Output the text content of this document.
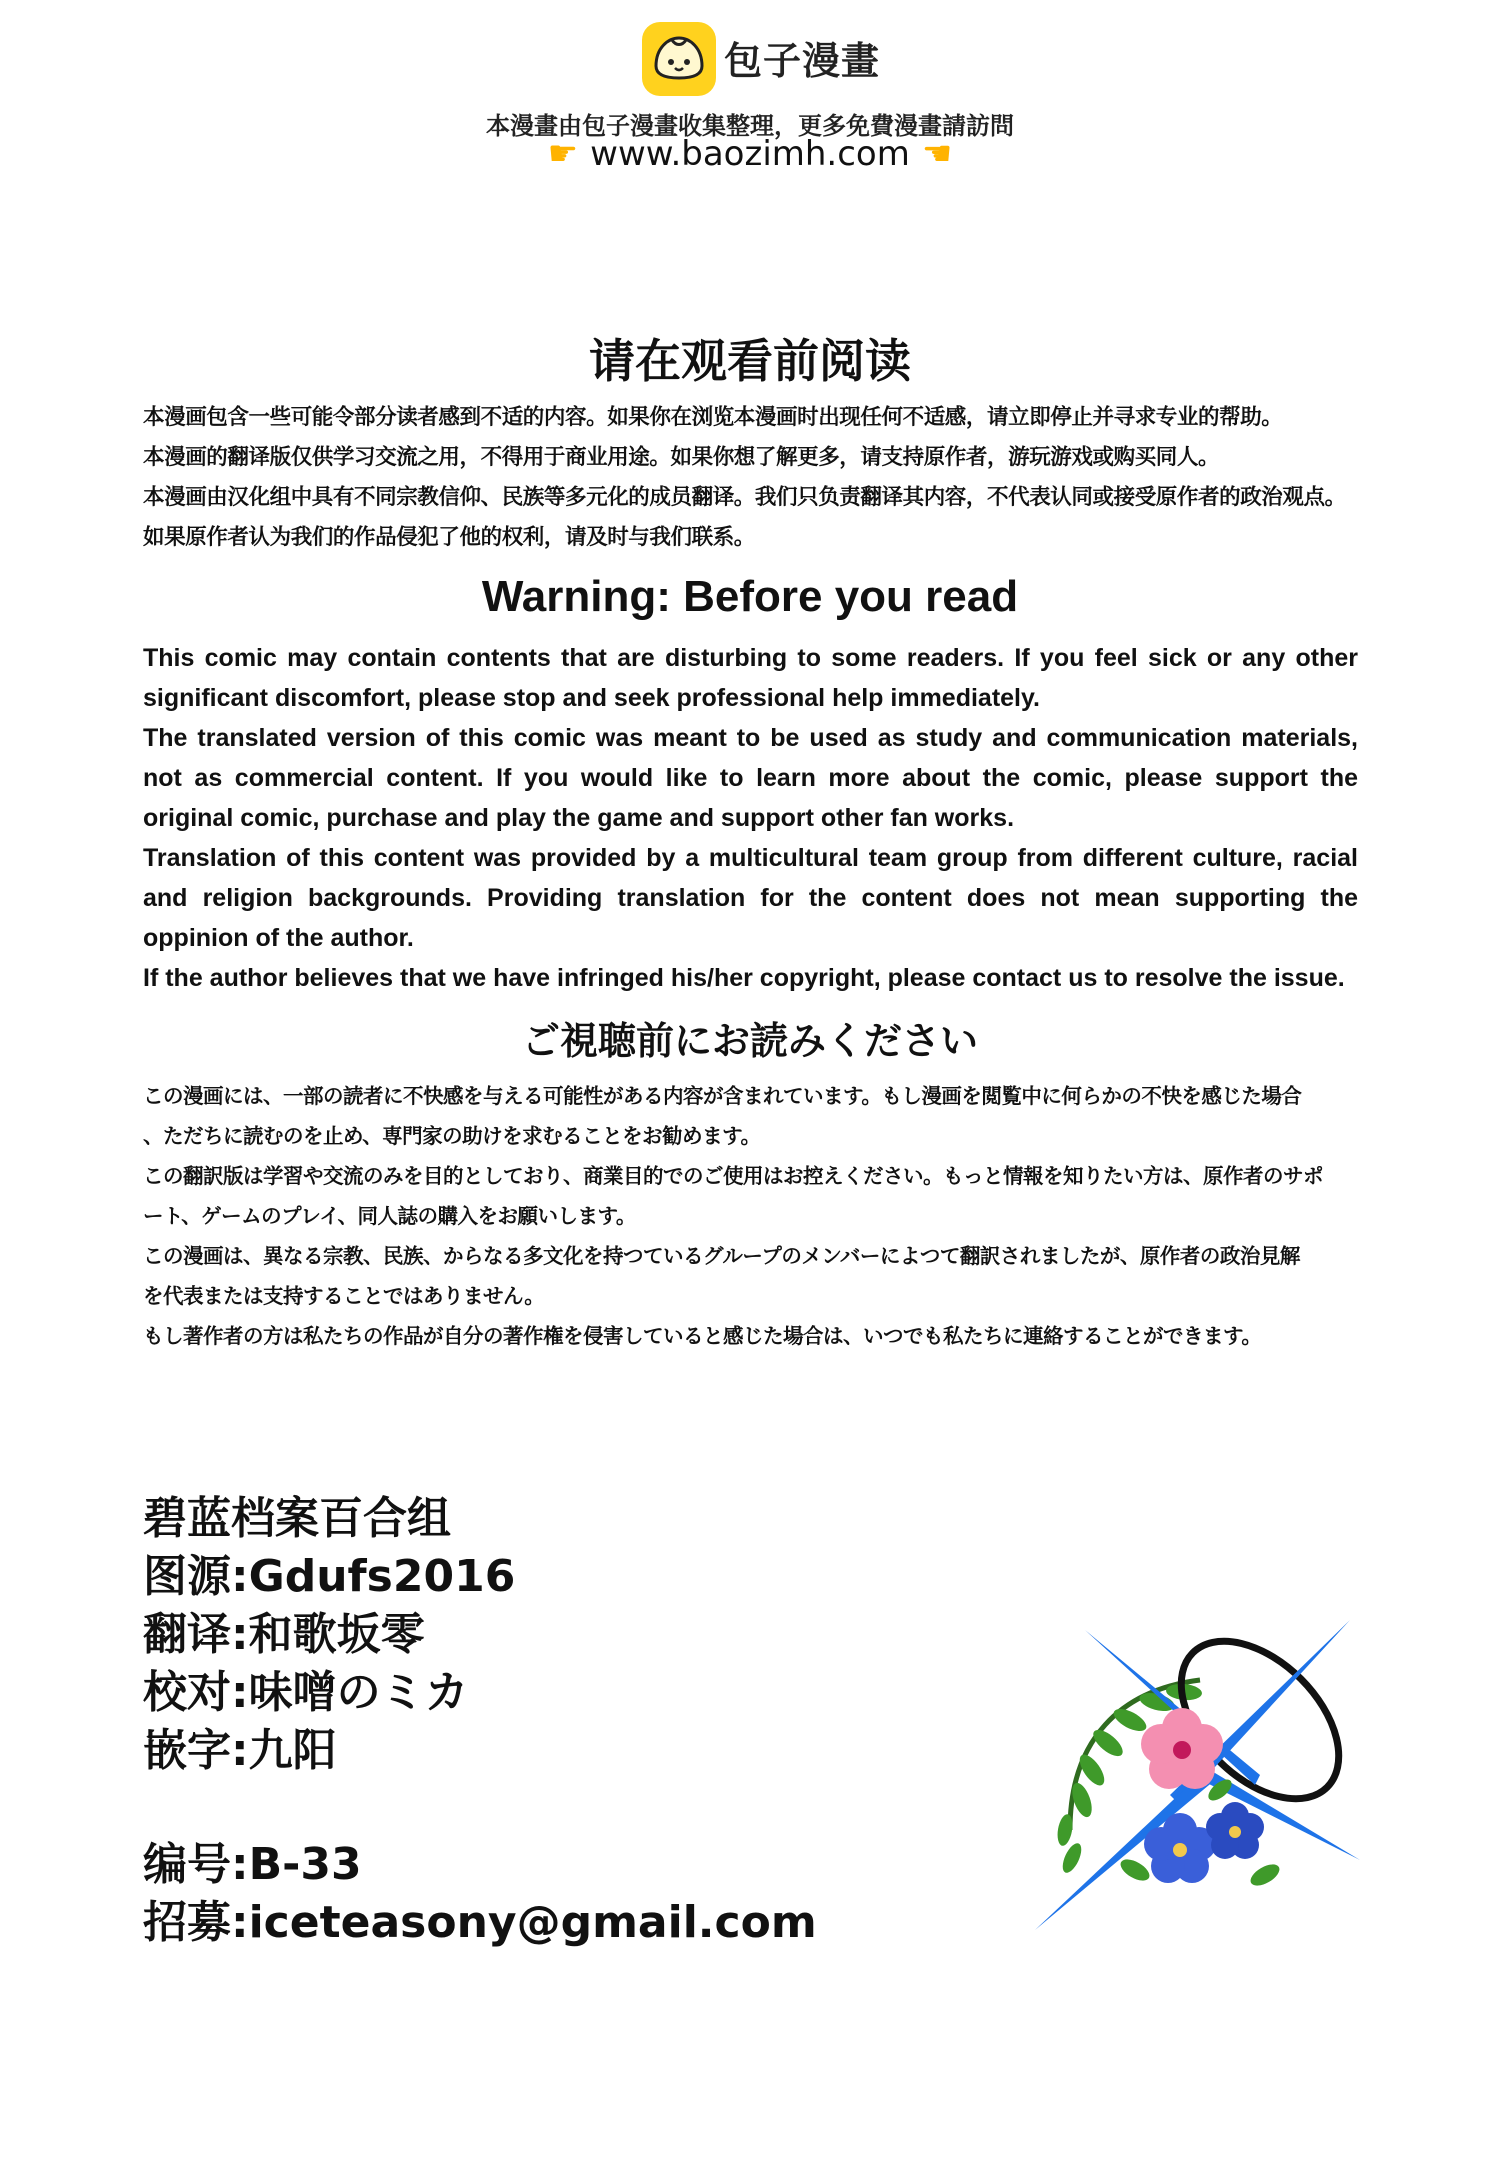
包子漫畫
本漫畫由包子漫畫收集整理，更多免費漫畫請訪問
☛ www.baozimh.com ☚
请在观看前阅读
本漫画包含一些可能令部分读者感到不适的内容。如果你在浏览本漫画时出现任何不适感，请立即停止并寻求专业的帮助。
本漫画的翻译版仅供学习交流之用，不得用于商业用途。如果你想了解更多，请支持原作者，游玩游戏或购买同人。
本漫画由汉化组中具有不同宗教信仰、民族等多元化的成员翻译。我们只负责翻译其内容，不代表认同或接受原作者的政治观点。
如果原作者认为我们的作品侵犯了他的权利，请及时与我们联系。
Warning: Before you read

This comic may contain contents that are disturbing to some readers. If you feel sick or any other significant discomfort, please stop and seek professional help immediately.

The translated version of this comic was meant to be used as study and communication materials, not as commercial content. If you would like to learn more about the comic, please support the original comic, purchase and play the game and support other fan works.

Translation of this content was provided by a multicultural team group from different culture, racial and religion backgrounds. Providing translation for the content does not mean supporting the oppinion of the author.

If the author believes that we have infringed his/her copyright, please contact us to resolve the issue.

ご視聴前にお読みください
この漫画には、一部の読者に不快感を与える可能性がある内容が含まれています。もし漫画を閲覧中に何らかの不快を感じた場合
、ただちに読むのを止め、専門家の助けを求むることをお勧めます。
この翻訳版は学習や交流のみを目的としており、商業目的でのご使用はお控えください。もっと情報を知りたい方は、原作者のサポ
ート、ゲームのプレイ、同人誌の購入をお願いします。
この漫画は、異なる宗教、民族、からなる多文化を持つているグループのメンバーによつて翻訳されましたが、原作者の政治見解
を代表または支持することではありません。
もし著作者の方は私たちの作品が自分の著作権を侵害していると感じた場合は、いつでも私たちに連絡することができます。
碧蓝档案百合组
图源:Gdufs2016
翻译:和歌坂零
校对:味噌のミカ
嵌字:九阳
编号:B-33
招募:iceteasony@gmail.com
